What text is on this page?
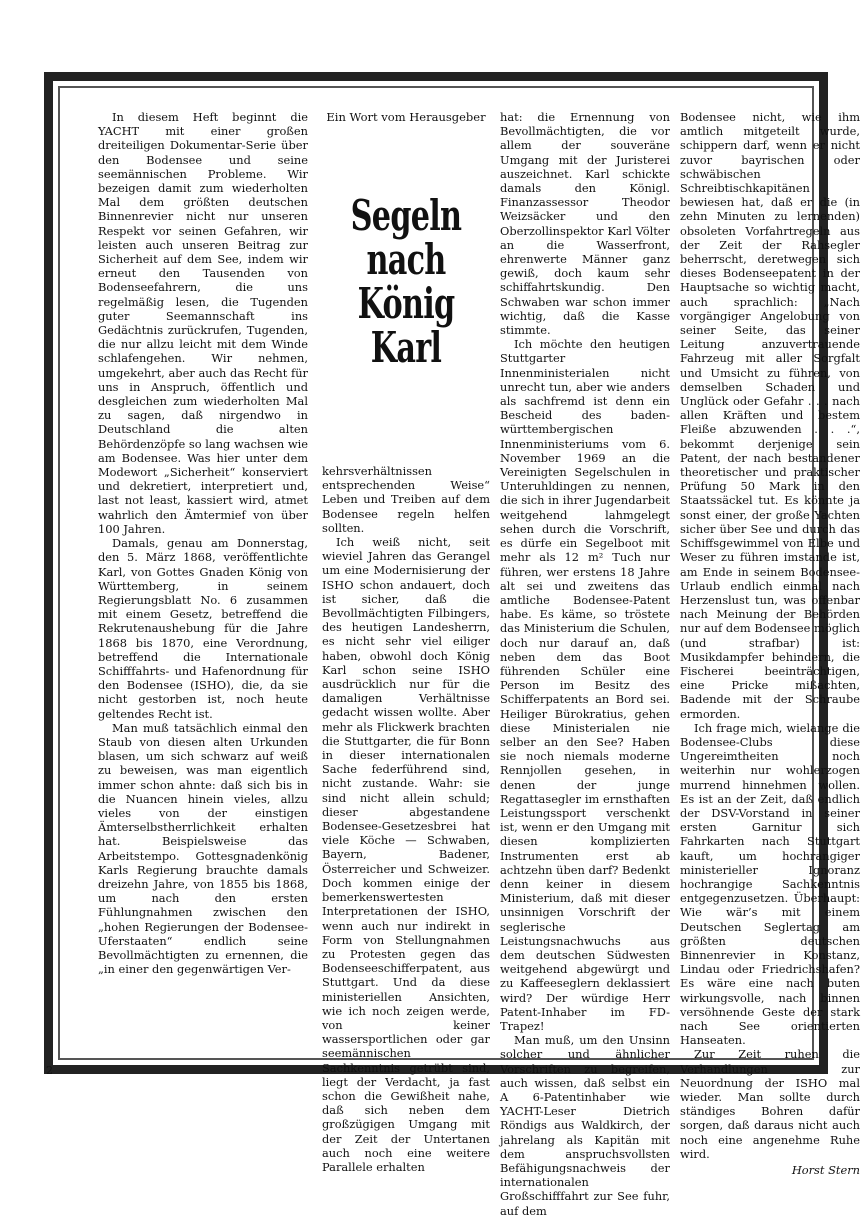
In diesem Heft beginnt die YACHT mit einer großen dreiteiligen Dokumentar-Serie über den Bodensee und seine seemännischen Probleme. Wir bezeigen damit zum wiederholten Mal dem größten deutschen Binnenrevier nicht nur unseren Respekt vor seinen Gefahren, wir leisten auch unseren Beitrag zur Sicherheit auf dem See, indem wir erneut den Tausenden von Bodenseefahrern, die uns regelmäßig lesen, die Tugenden guter Seemannschaft ins Gedächtnis zurückrufen, Tugenden, die nur allzu leicht mit dem Winde schlafengehen. Wir nehmen, umgekehrt, aber auch das Recht für uns in Anspruch, öffentlich und desgleichen zum wiederholten Mal zu sagen, daß nirgendwo in Deutschland die alten Behördenzöpfe so lang wachsen wie am Bodensee. Was hier unter dem Modewort „Sicherheit“ konserviert und dekretiert, interpretiert und, last not least, kassiert wird, atmet wahrlich den Ämtermief von über 100 Jahren.

Damals, genau am Donnerstag, den 5. März 1868, veröffentlichte Karl, von Gottes Gnaden König von Württemberg, in seinem Regierungsblatt No. 6 zusammen mit einem Gesetz, betreffend die Rekrutenaushebung für die Jahre 1868 bis 1870, eine Verordnung, betreffend die Internationale Schifffahrts- und Hafenordnung für den Bodensee (ISHO), die, da sie nicht gestorben ist, noch heute geltendes Recht ist.

Man muß tatsächlich einmal den Staub von diesen alten Urkunden blasen, um sich schwarz auf weiß zu beweisen, was man eigentlich immer schon ahnte: daß sich bis in die Nuancen hinein vieles, allzu vieles von der einstigen Ämterselbstherrlichkeit erhalten hat. Beispielsweise das Arbeitstempo. Gottesgnadenkönig Karls Regierung brauchte damals dreizehn Jahre, von 1855 bis 1868, um nach den ersten Fühlungnahmen zwischen den „hohen Regierungen der Bodensee-Uferstaaten“ endlich seine Bevollmächtigten zu ernennen, die „in einer den gegenwärtigen Ver-

Ein Wort vom Herausgeber
Segeln
nach
König
Karl

kehrsverhältnissen entsprechenden Weise“ Leben und Treiben auf dem Bodensee regeln helfen sollten.

Ich weiß nicht, seit wieviel Jahren das Gerangel um eine Modernisierung der ISHO schon andauert, doch ist sicher, daß die Bevollmächtigten Filbingers, des heutigen Landesherrn, es nicht sehr viel eiliger haben, obwohl doch König Karl schon seine ISHO ausdrücklich nur für die damaligen Verhältnisse gedacht wissen wollte. Aber mehr als Flickwerk brachten die Stuttgarter, die für Bonn in dieser internationalen Sache federführend sind, nicht zustande. Wahr: sie sind nicht allein schuld; dieser abgestandene Bodensee-Gesetzesbrei hat viele Köche — Schwaben, Bayern, Badener, Österreicher und Schweizer. Doch kommen einige der bemerkenswertesten Interpretationen der ISHO, wenn auch nur indirekt in Form von Stellungnahmen zu Protesten gegen das Bodenseeschifferpatent, aus Stuttgart. Und da diese ministeriellen Ansichten, wie ich noch zeigen werde, von keiner wassersportlichen oder gar seemännischen Sachkenntnis getrübt sind, liegt der Verdacht, ja fast schon die Gewißheit nahe, daß sich neben dem großzügigen Umgang mit der Zeit der Untertanen auch noch eine weitere Parallele erhalten

hat: die Ernennung von Bevollmächtigten, die vor allem der souveräne Umgang mit der Juristerei auszeichnet. Karl schickte damals den Königl. Finanzassessor Theodor Weizsäcker und den Oberzollinspektor Karl Völter an die Wasserfront, ehrenwerte Männer ganz gewiß, doch kaum sehr schiffahrtskundig. Den Schwaben war schon immer wichtig, daß die Kasse stimmte.

Ich möchte den heutigen Stuttgarter Innenministerialen nicht unrecht tun, aber wie anders als sachfremd ist denn ein Bescheid des baden-württembergischen Innenministeriums vom 6. November 1969 an die Vereinigten Segelschulen in Unteruhldingen zu nennen, die sich in ihrer Jugendarbeit weitgehend lahmgelegt sehen durch die Vorschrift, es dürfe ein Segelboot mit mehr als 12 m² Tuch nur führen, wer erstens 18 Jahre alt sei und zweitens das amtliche Bodensee-Patent habe. Es käme, so tröstete das Ministerium die Schulen, doch nur darauf an, daß neben dem das Boot führenden Schüler eine Person im Besitz des Schifferpatents an Bord sei. Heiliger Bürokratius, gehen diese Ministerialen nie selber an den See? Haben sie noch niemals moderne Rennjollen gesehen, in denen der junge Regattasegler im ernsthaften Leistungssport verschenkt ist, wenn er den Umgang mit diesen komplizierten Instrumenten erst ab achtzehn üben darf? Bedenkt denn keiner in diesem Ministerium, daß mit dieser unsinnigen Vorschrift der seglerische Leistungsnachwuchs aus dem deutschen Südwesten weitgehend abgewürgt und zu Kaffeeseglern deklassiert wird? Der würdige Herr Patent-Inhaber im FD-Trapez!

Man muß, um den Unsinn solcher und ähnlicher Vorschriften zu begreifen, auch wissen, daß selbst ein A 6-Patentinhaber wie YACHT-Leser Dietrich Röndigs aus Waldkirch, der jahrelang als Kapitän mit dem anspruchsvollsten Befähigungsnachweis der internationalen Großschifffahrt zur See fuhr, auf dem

Bodensee nicht, wie ihm amtlich mitgeteilt wurde, schippern darf, wenn er nicht zuvor bayrischen oder schwäbischen Schreibtischkapitänen bewiesen hat, daß er die (in zehn Minuten zu lernenden) obsoleten Vorfahrtregeln aus der Zeit der Rahsegler beherrscht, deretwegen sich dieses Bodenseepatent in der Hauptsache so wichtig macht, auch sprachlich: „Nach vorgängiger Angelobung von seiner Seite, das seiner Leitung anzuvertrauende Fahrzeug mit aller Sorgfalt und Umsicht zu führen, von demselben Schaden und Unglück oder Gefahr . . . nach allen Kräften und bestem Fleiße abzuwenden . . .“, bekommt derjenige sein Patent, der nach bestandener theoretischer und praktischer Prüfung 50 Mark in den Staatssäckel tut. Es könnte ja sonst einer, der große Yachten sicher über See und durch das Schiffsgewimmel von Elbe und Weser zu führen imstande ist, am Ende in seinem Bodensee-Urlaub endlich einmal nach Herzenslust tun, was offenbar nach Meinung der Behörden nur auf dem Bodensee möglich (und strafbar) ist: Musikdampfer behindern, die Fischerei beeinträchtigen, eine Pricke mißachten, Badende mit der Schraube ermorden.

Ich frage mich, wielange die Bodensee-Clubs diese Ungereimtheiten noch weiterhin nur wohlerzogen murrend hinnehmen wollen. Es ist an der Zeit, daß endlich der DSV-Vorstand in seiner ersten Garnitur sich Fahrkarten nach Stuttgart kauft, um hochrangiger ministerieller Ignoranz hochrangige Sachkenntnis entgegenzusetzen. Überhaupt: Wie wär’s mit einem Deutschen Seglertag am größten deutschen Binnenrevier in Konstanz, Lindau oder Friedrichshafen? Es wäre eine nach buten wirkungsvolle, nach binnen versöhnende Geste der stark nach See orientierten Hanseaten.

Zur Zeit ruhen die Verhandlungen zur Neuordnung der ISHO mal wieder. Man sollte durch ständiges Bohren dafür sorgen, daß daraus nicht auch noch eine angenehme Ruhe wird.

Horst Stern
2
